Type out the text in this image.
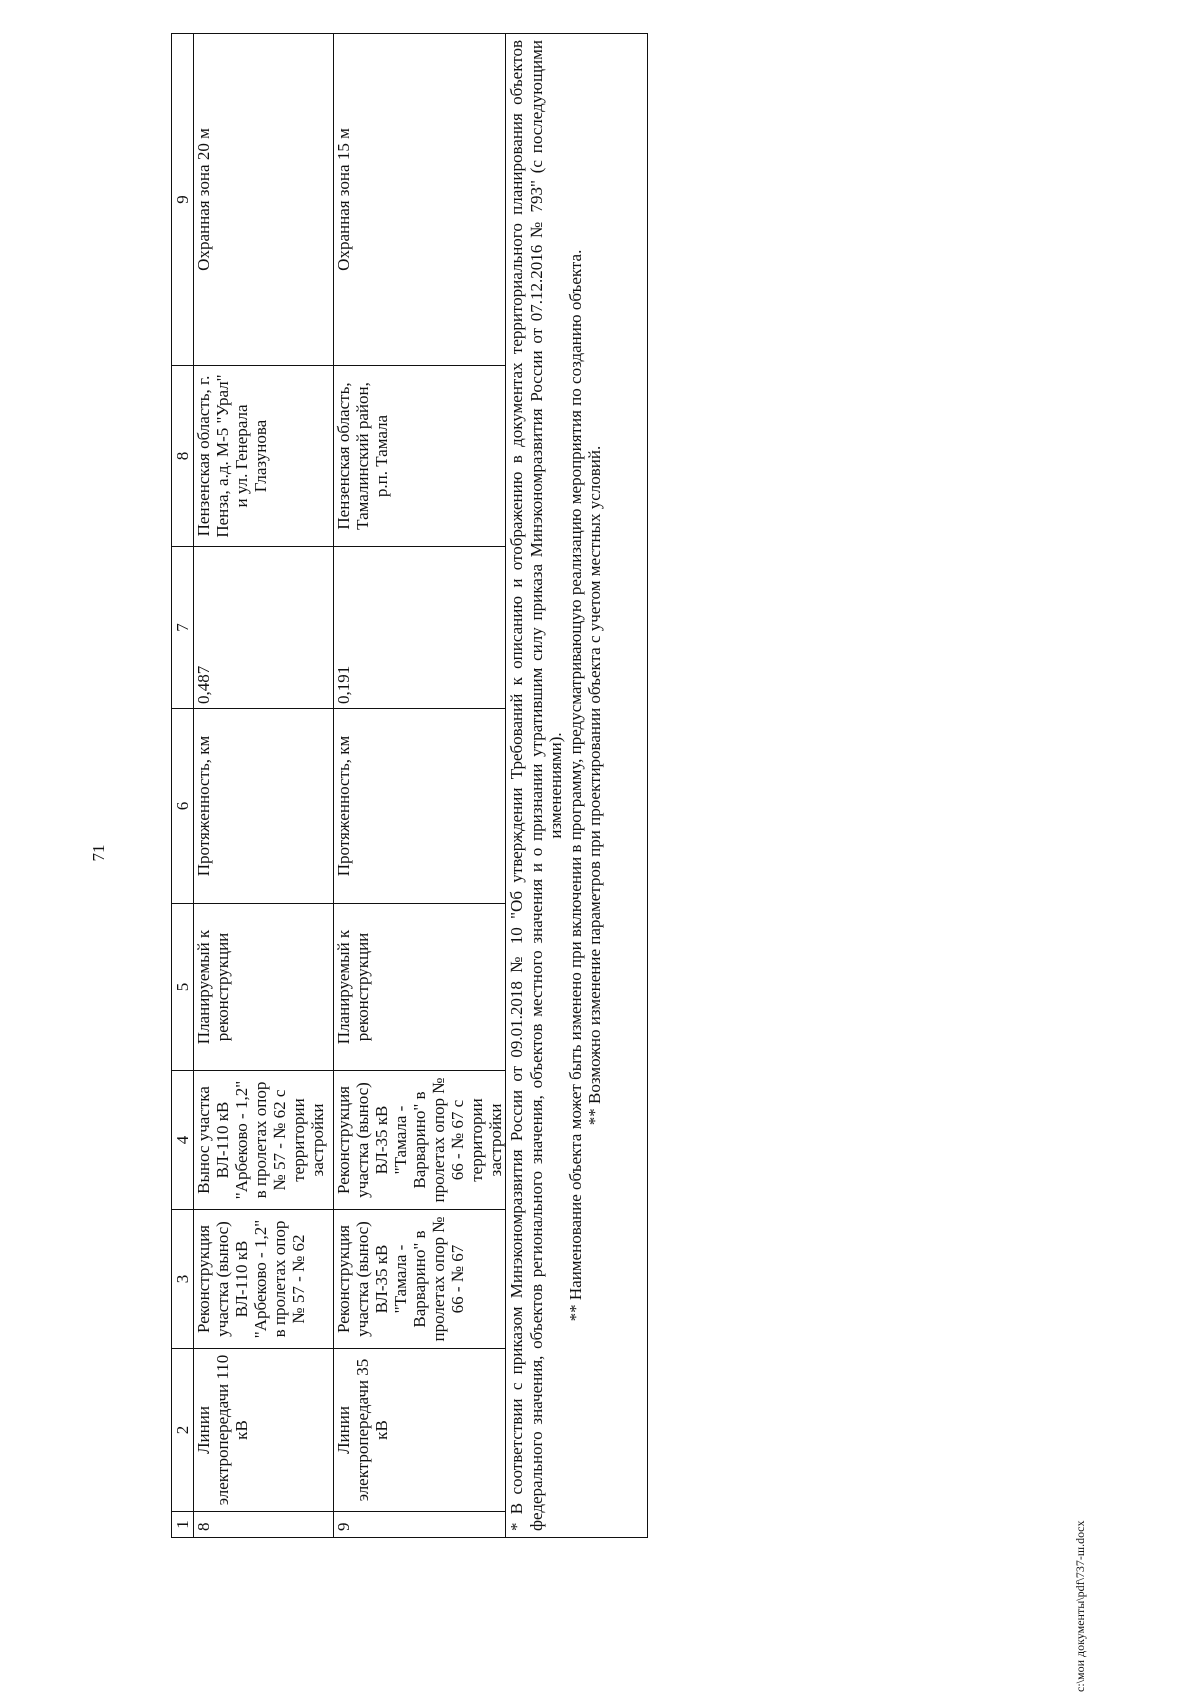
71
1	2	3	4	5	6	7	8	9
8	Линии электропередачи 110 кВ	Реконструкция участка (вынос) ВЛ-110 кВ "Арбеково - 1,2" в пролетах опор № 57 - № 62	Вынос участка ВЛ-110 кВ "Арбеково - 1,2" в пролетах опор № 57 - № 62 с территории застройки	Планируемый к реконструкции	Протяженность, км	0,487	Пензенская область, г. Пенза, а.д. М-5 "Урал" и ул. Генерала Глазунова	Охранная зона 20 м
9	Линии электропередачи 35 кВ	Реконструкция участка (вынос) ВЛ-35 кВ "Тамала - Варварино" в пролетах опор № 66 - № 67	Реконструкция участка (вынос) ВЛ-35 кВ "Тамала - Варварино" в пролетах опор № 66 - № 67 с территории застройки	Планируемый к реконструкции	Протяженность, км	0,191	Пензенская область, Тамалинский район, р.п. Тамала	Охранная зона 15 м

* В соответствии с приказом Минэкономразвития России от 09.01.2018 № 10 "Об утверждении Требований к описанию и отображению в документах территориального планирования объектов федерального значения, объектов регионального значения, объектов местного значения и о признании утратившим силу приказа Минэкономразвития России от 07.12.2016 № 793" (с последующими изменениями). ** Наименование объекта может быть изменено при включении в программу, предусматривающую реализацию мероприятия по созданию объекта. ** Возможно изменение параметров при проектировании объекта с учетом местных условий.								

c:\мои документы\pdf\737-ш.docx
